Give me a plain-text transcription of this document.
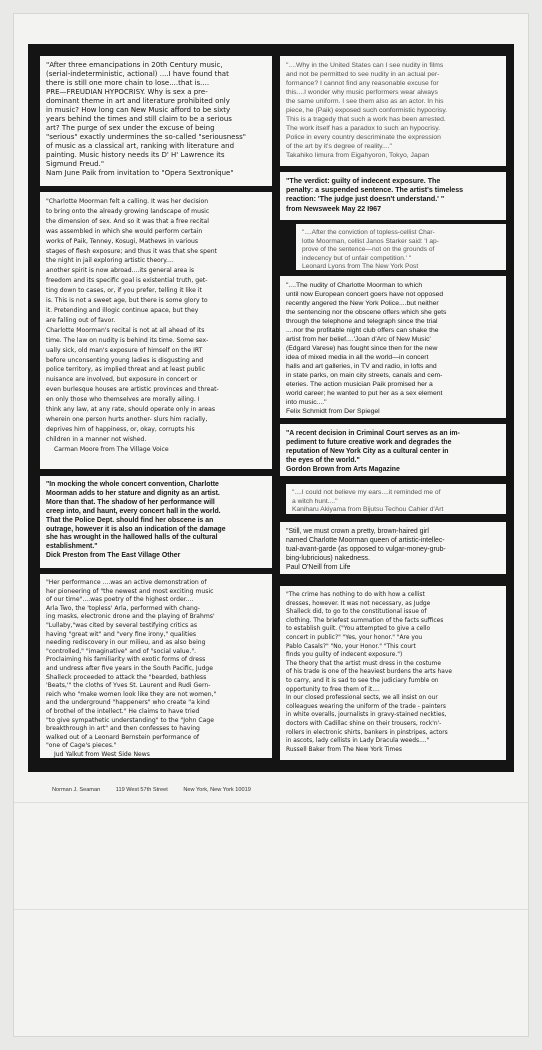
"After three emancipations in 20th Century music,
(serial-indeterministic, actional) ....I have found that
there is still one more chain to lose....that is....
PRE—FREUDIAN HYPOCRISY. Why is sex a pre-
dominant theme in art and literature prohibited only
in music? How long can New Music afford to be sixty
years behind the times and still claim to be a serious
art? The purge of sex under the excuse of being
"serious" exactly undermines the so-called "seriousness"
of music as a classical art, ranking with literature and
painting. Music history needs its D' H' Lawrence its
Sigmund Freud."

Nam June Paik from invitation to "Opera Sextronique"

"Charlotte Moorman felt a calling. It was her decision
to bring onto the already growing landscape of music
the dimension of sex. And so it was that a free recital
was assembled in which she would perform certain
works of Paik, Tenney, Kosugi, Mathews in various
stages of flesh exposure; and thus it was that she spent
the night in jail exploring artistic theory....
another spirit is now abroad....its general area is
freedom and its specific goal is existential truth, get-
ting down to cases, or, if you prefer, telling it like it
is. This is not a sweet age, but there is some glory to
it. Pretending and illogic continue apace, but they
are falling out of favor.
Charlotte Moorman's recital is not at all ahead of its
time. The law on nudity is behind its time. Some sex-
ually sick, old man's exposure of himself on the IRT
before unconsenting young ladies is disgusting and
police territory, as implied threat and at least public
nuisance are involved, but exposure in concert or
even burlesque houses are artistic provinces and threat-
en only those who themselves are morally ailing. I
think any law, at any rate, should operate only in areas
wherein one person hurts another- slurs him racially,
deprives him of happiness, or, okay, corrupts his
children in a manner not wished.

Carman Moore from The Village Voice

"In mocking the whole concert convention, Charlotte
Moorman adds to her stature and dignity as an artist.
More than that. The shadow of her performance will
creep into, and haunt, every concert hall in the world.
That the Police Dept. should find her obscene is an
outrage, however it is also an indication of the damage
she has wrought in the hallowed halls of the cultural
establishment."

Dick Preston from The East Village Other

"Her performance ....was an active demonstration of
her pioneering of "the newest and most exciting music
of our time"....was poetry of the highest order....
Arla Two, the 'topless' Arla, performed with chang-
ing masks, electronic drone and the playing of Brahms'
"Lullaby,"was cited by several testifying critics as
having "great wit" and "very fine irony," qualities
needing rediscovery in our milieu, and as also being
"controlled," "imaginative" and of "social value.".
Proclaiming his familiarity with exotic forms of dress
and undress after five years in the South Pacific, Judge
Shalleck proceeded to attack the "bearded, bathless
'Beats,'" the cloths of Yves St. Laurent and Rudi Gern-
reich who "make women look like they are not women,"
and the underground "happeners" who create "a kind
of brothel of the intellect." He claims to have tried
"to give sympathetic understanding" to the "John Cage
breakthrough in art" and then confesses to having
walked out of a Leonard Bernstein performance of
"one of Cage's pieces."

Jud Yalkut from West Side News

"....Why in the United States can I see nudity in films
and not be permitted to see nudity in an actual per-
formance? I cannot find any reasonable excuse for
this....I wonder why music performers wear always
the same uniform. I see them also as an actor. In his
piece, he (Paik) exposed such conformistic hypocrisy.
This is a tragedy that such a work has been arrested.
The work itself has a paradox to such an hypocrisy.
Police in every country descriminate the expression
of the art by it's degree of reality...."

Takahiko Iimura from Eigahyoron, Tokyo, Japan

"The verdict: guilty of indecent exposure. The
penalty: a suspended sentence. The artist's timeless
reaction: 'The judge just doesn't understand.' "
from Newsweek May 22 I967

"....After the conviction of topless-cellist Char-
lotte Moorman, cellist Janos Starker said: 'I ap-
prove of the sentence—not on the grounds of
indecency but of unfair competition.' "

Leonard Lyons from The New York Post

"....The nudity of Charlotte Moorman to which
until now European concert goers have not opposed
recently angered the New York Police....but neither
the sentencing nor the obscene offers which she gets
through the telephone and telegraph since the trial
....nor the profitable night club offers can shake the
artist from her belief....'Joan d'Arc of New Music'
(Edgard Varese) has fought since then for the new
idea of mixed media in all the world—in concert
halls and art galleries, in TV and radio, in lofts and
in state parks, on main city streets, canals and cem-
eteries. The action musician Paik promised her a
world career; he wanted to put her as a sex element
into music...."

Felix Schmidt from Der Spiegel

"A recent decision in Criminal Court serves as an im-
pediment to future creative work and degrades the
reputation of New York City as a cultural center in
the eyes of the world."

Gordon Brown from Arts Magazine

"....I could not believe my ears....it reminded me of
a witch hunt...."

Kaniharu Akiyama from Bijutsu Techou Cahier d'Art

"Still, we must crown a pretty, brown-haired girl
named Charlotte Moorman queen of artistic-intellec-
tual-avant-garde (as opposed to vulgar-money-grub-
bing-lubricious) nakedness.

Paul O'Neill from Life

"The crime has nothing to do with how a cellist
dresses, however. It was not necessary, as Judge
Shalleck did, to go to the constitutional issue of
clothing. The briefest summation of the facts suffices
to establish guilt. ("You attempted to give a cello
concert in public?" "Yes, your honor." "Are you
Pablo Casals?" "No, your Honor." "This court
finds you guilty of indecent exposure.")
The theory that the artist must dress in the costume
of his trade is one of the heaviest burdens the arts have
to carry, and it is sad to see the judiciary fumble on
opportunity to free them of it....
In our closed professional sects, we all insist on our
colleagues wearing the uniform of the trade - painters
in white overalls, journalists in gravy-stained neckties,
doctors with Cadillac shine on their trousers, rock'n'-
rollers in electronic shirts, bankers in pinstripes, actors
in ascots, lady cellists in Lady Dracula weeds...."

Russell Baker from The New York Times

Norman J. Seaman	119 West 57th Street	New York, New York 10019
